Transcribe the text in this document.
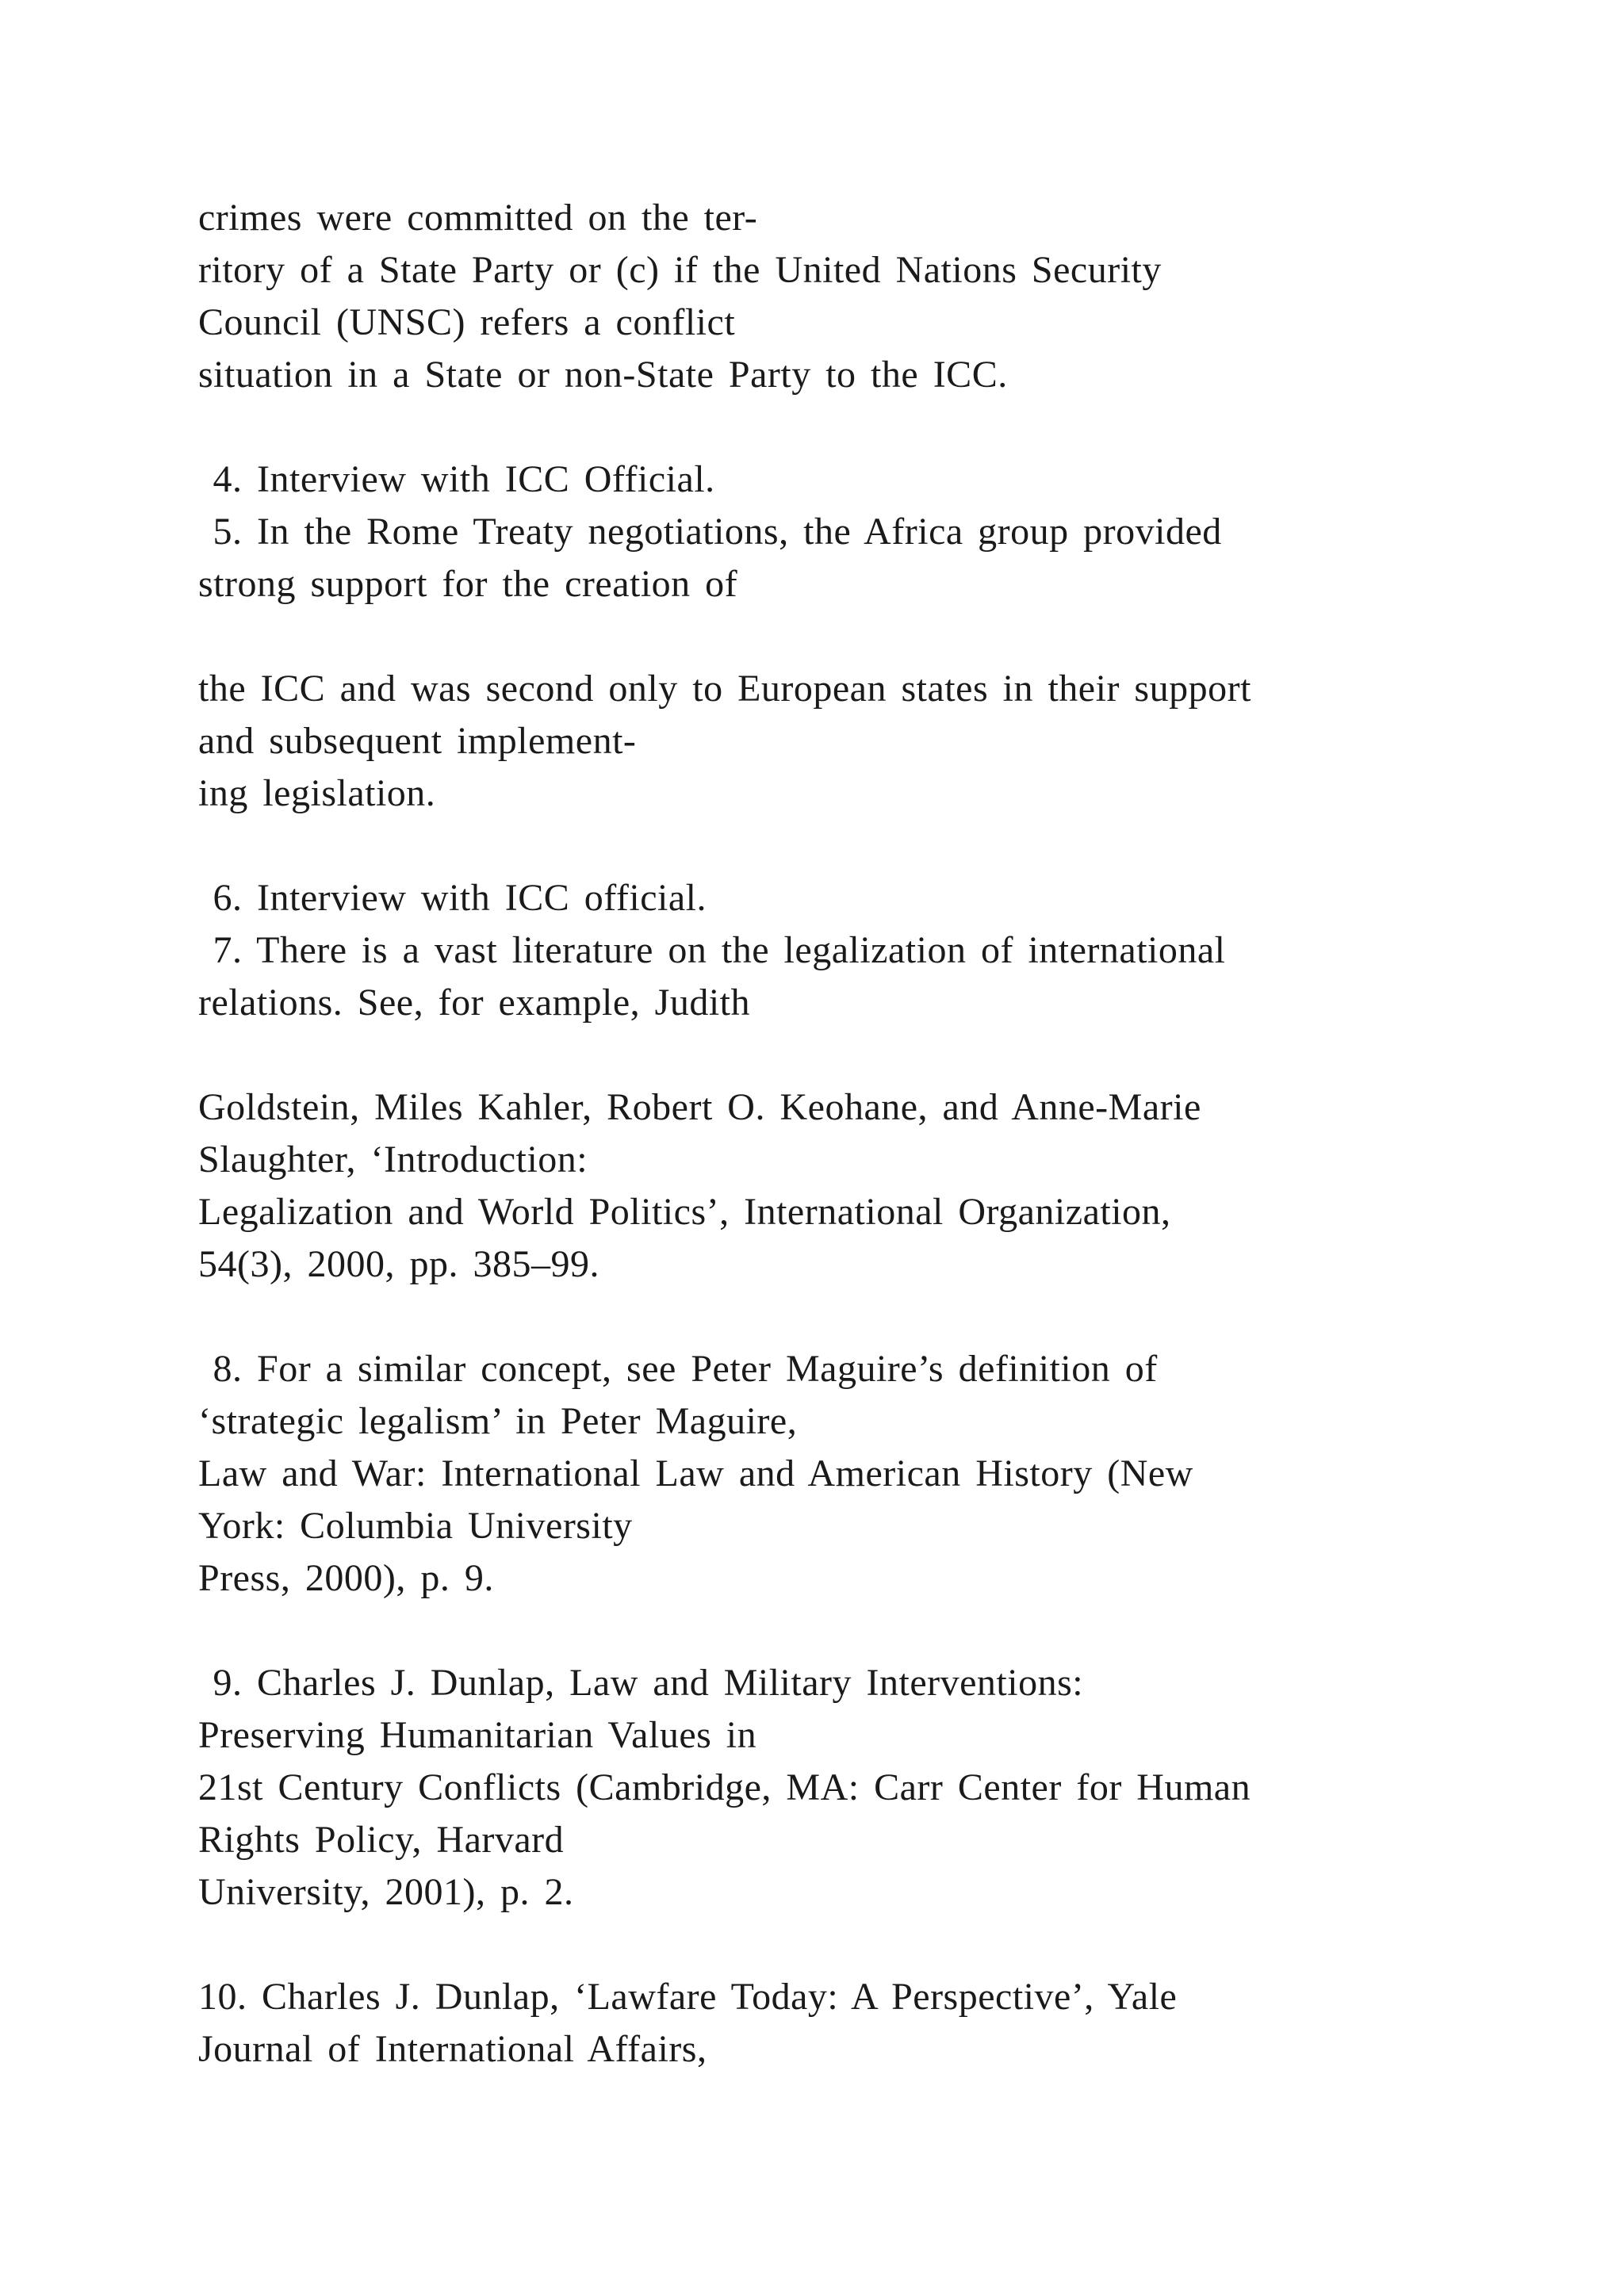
crimes were committed on the ter-
ritory of a State Party or (c) if the United Nations Security
Council (UNSC) refers a conflict
situation in a State or non-State Party to the ICC.
4. Interview with ICC Official.
5. In the Rome Treaty negotiations, the Africa group provided
strong support for the creation of
the ICC and was second only to European states in their support
and subsequent implement-
ing legislation.
6. Interview with ICC official.
7. There is a vast literature on the legalization of international
relations. See, for example, Judith
Goldstein, Miles Kahler, Robert O. Keohane, and Anne-Marie
Slaughter, ‘Introduction:
Legalization and World Politics’, International Organization,
54(3), 2000, pp. 385–99.
8. For a similar concept, see Peter Maguire’s definition of
‘strategic legalism’ in Peter Maguire,
Law and War: International Law and American History (New
York: Columbia University
Press, 2000), p. 9.
9. Charles J. Dunlap, Law and Military Interventions:
Preserving Humanitarian Values in
21st Century Conflicts (Cambridge, MA: Carr Center for Human
Rights Policy, Harvard
University, 2001), p. 2.
10. Charles J. Dunlap, ‘Lawfare Today: A Perspective’, Yale
Journal of International Affairs,
